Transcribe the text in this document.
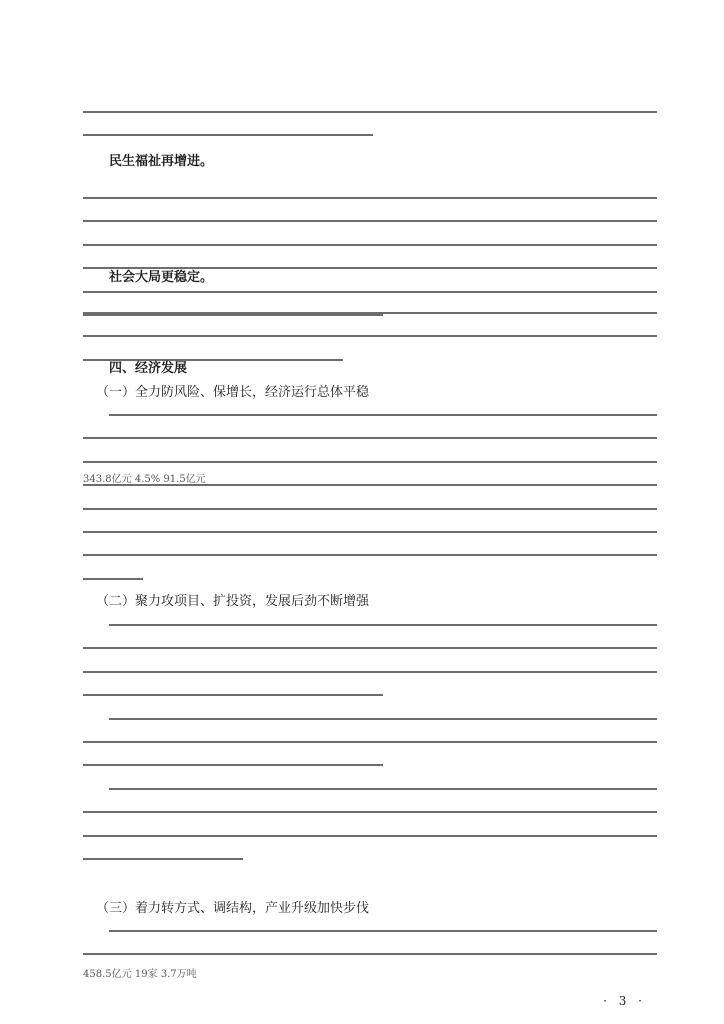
民生福祉再增进。
社会大局更稳定。
四、经济发展
（一）全力防风险、保增长，经济运行总体平稳
（二）聚力攻项目、扩投资，发展后劲不断增强
（三）着力转方式、调结构，产业升级加快步伐
343.8亿元 4.5% 91.5亿元
458.5亿元 19家 3.7万吨
· 3 ·
